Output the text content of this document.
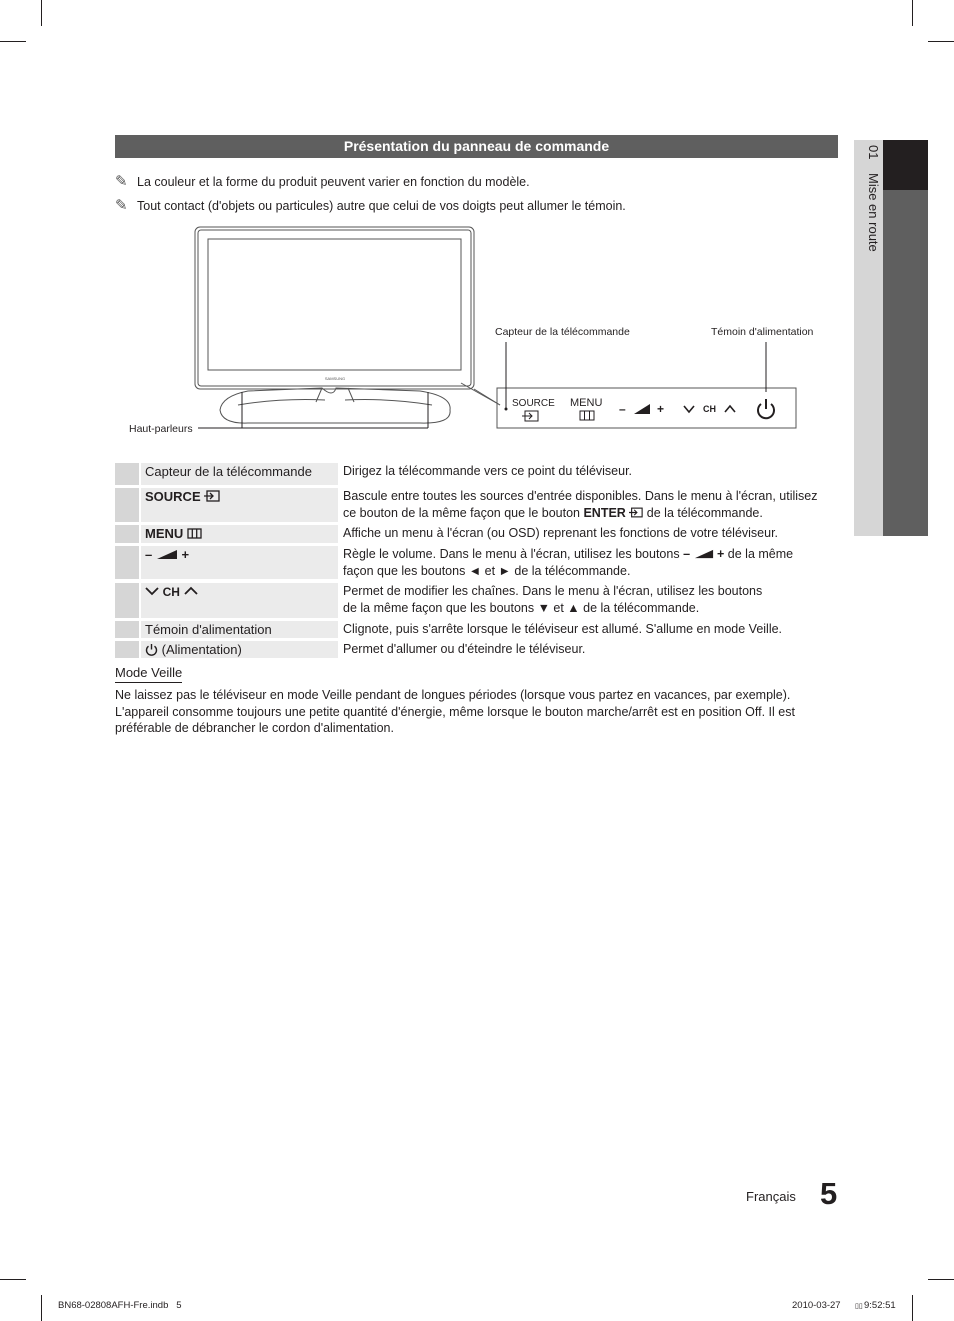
Présentation du panneau de commande
✎ La couleur et la forme du produit peuvent varier en fonction du modèle.
✎ Tout contact (d'objets ou particules) autre que celui de vos doigts peut allumer le témoin.
01Mise en route
SAMSUNG
Capteur de la télécommande	Témoin d'alimentation
Haut-parleurs
SOURCE MENU –	+	CH
Capteur de la télécommande	Dirigez la télécommande vers ce point du téléviseur.
SOURCE	Bascule entre toutes les sources d'entrée disponibles. Dans le menu à l'écran, utilisez
ce bouton de la même façon que le bouton ENTER  de la télécommande.
MENU	Affiche un menu à l'écran (ou OSD) reprenant les fonctions de votre téléviseur.
– +	Règle le volume. Dans le menu à l'écran, utilisez les boutons – + de la même
façon que les boutons ◄ et ► de la télécommande.
CH	Permet de modifier les chaînes. Dans le menu à l'écran, utilisez les boutons
de la même façon que les boutons ▼ et ▲ de la télécommande.
Témoin d'alimentation	Clignote, puis s'arrête lorsque le téléviseur est allumé. S'allume en mode Veille.
(Alimentation)	Permet d'allumer ou d'éteindre le téléviseur.
Mode Veille
Ne laissez pas le téléviseur en mode Veille pendant de longues périodes (lorsque vous partez en vacances, par exemple). L'appareil consomme toujours une petite quantité d'énergie, même lorsque le bouton marche/arrêt est en position Off. Il est préférable de débrancher le cordon d'alimentation.
Français 5
BN68-02808AFH-Fre.indb   5	2010-03-27 ▯▯ 9:52:51
